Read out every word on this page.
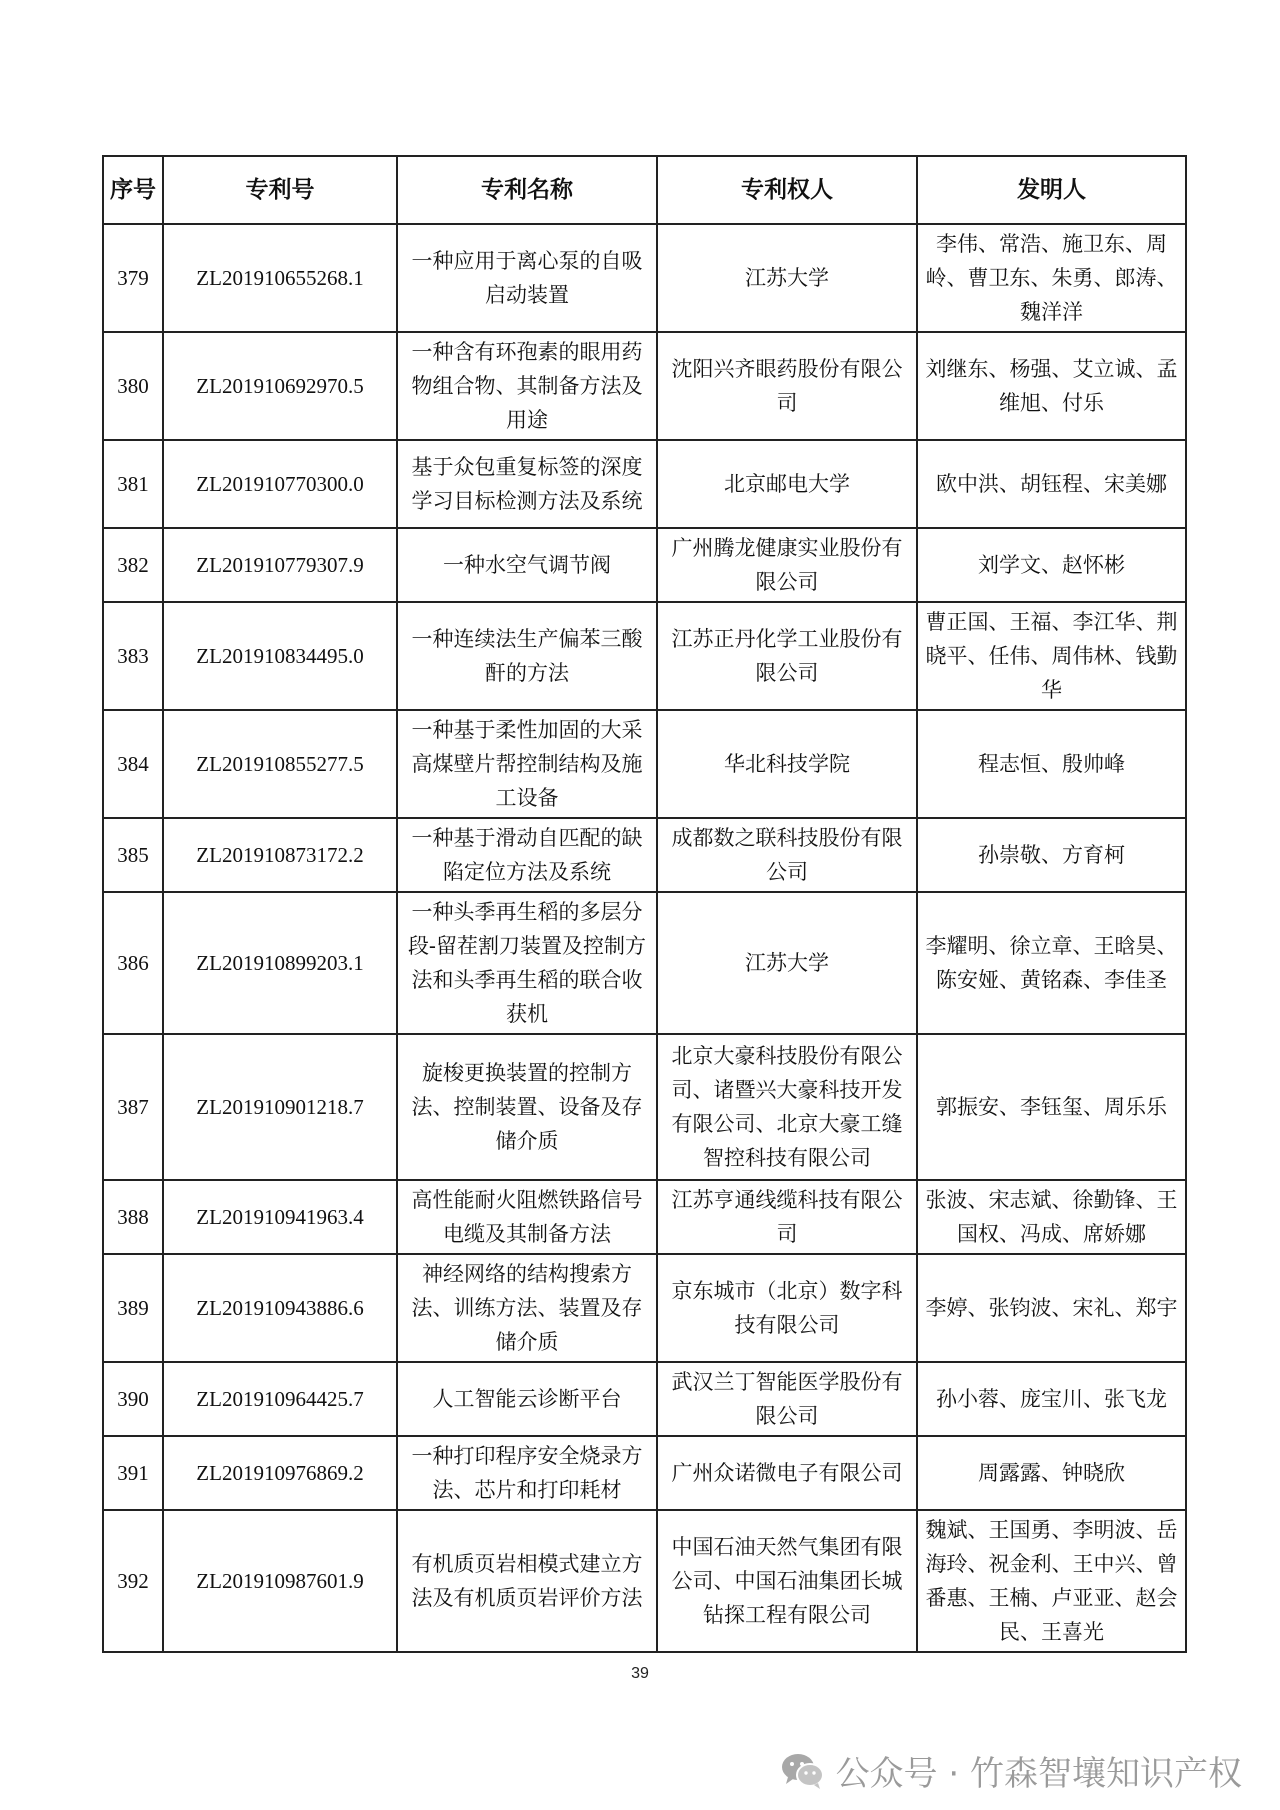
序号	专利号	专利名称	专利权人	发明人
379	ZL201910655268.1	一种应用于离心泵的自吸启动装置	江苏大学	李伟、常浩、施卫东、周岭、曹卫东、朱勇、郎涛、魏洋洋
380	ZL201910692970.5	一种含有环孢素的眼用药物组合物、其制备方法及用途	沈阳兴齐眼药股份有限公司	刘继东、杨强、艾立诚、孟维旭、付乐
381	ZL201910770300.0	基于众包重复标签的深度学习目标检测方法及系统	北京邮电大学	欧中洪、胡钰程、宋美娜
382	ZL201910779307.9	一种水空气调节阀	广州腾龙健康实业股份有限公司	刘学文、赵怀彬
383	ZL201910834495.0	一种连续法生产偏苯三酸酐的方法	江苏正丹化学工业股份有限公司	曹正国、王福、李江华、荆晓平、任伟、周伟林、钱勤华
384	ZL201910855277.5	一种基于柔性加固的大采高煤壁片帮控制结构及施工设备	华北科技学院	程志恒、殷帅峰
385	ZL201910873172.2	一种基于滑动自匹配的缺陷定位方法及系统	成都数之联科技股份有限公司	孙崇敬、方育柯
386	ZL201910899203.1	一种头季再生稻的多层分段-留茬割刀装置及控制方法和头季再生稻的联合收获机	江苏大学	李耀明、徐立章、王晗昊、陈安娅、黄铭森、李佳圣
387	ZL201910901218.7	旋梭更换装置的控制方法、控制装置、设备及存储介质	北京大豪科技股份有限公司、诸暨兴大豪科技开发有限公司、北京大豪工缝智控科技有限公司	郭振安、李钰玺、周乐乐
388	ZL201910941963.4	高性能耐火阻燃铁路信号电缆及其制备方法	江苏亨通线缆科技有限公司	张波、宋志斌、徐勤锋、王国权、冯成、席娇娜
389	ZL201910943886.6	神经网络的结构搜索方法、训练方法、装置及存储介质	京东城市（北京）数字科技有限公司	李婷、张钧波、宋礼、郑宇
390	ZL201910964425.7	人工智能云诊断平台	武汉兰丁智能医学股份有限公司	孙小蓉、庞宝川、张飞龙
391	ZL201910976869.2	一种打印程序安全烧录方法、芯片和打印耗材	广州众诺微电子有限公司	周露露、钟晓欣
392	ZL201910987601.9	有机质页岩相模式建立方法及有机质页岩评价方法	中国石油天然气集团有限公司、中国石油集团长城钻探工程有限公司	魏斌、王国勇、李明波、岳海玲、祝金利、王中兴、曾番惠、王楠、卢亚亚、赵会民、王喜光
39
公众号 · 竹森智壤知识产权
